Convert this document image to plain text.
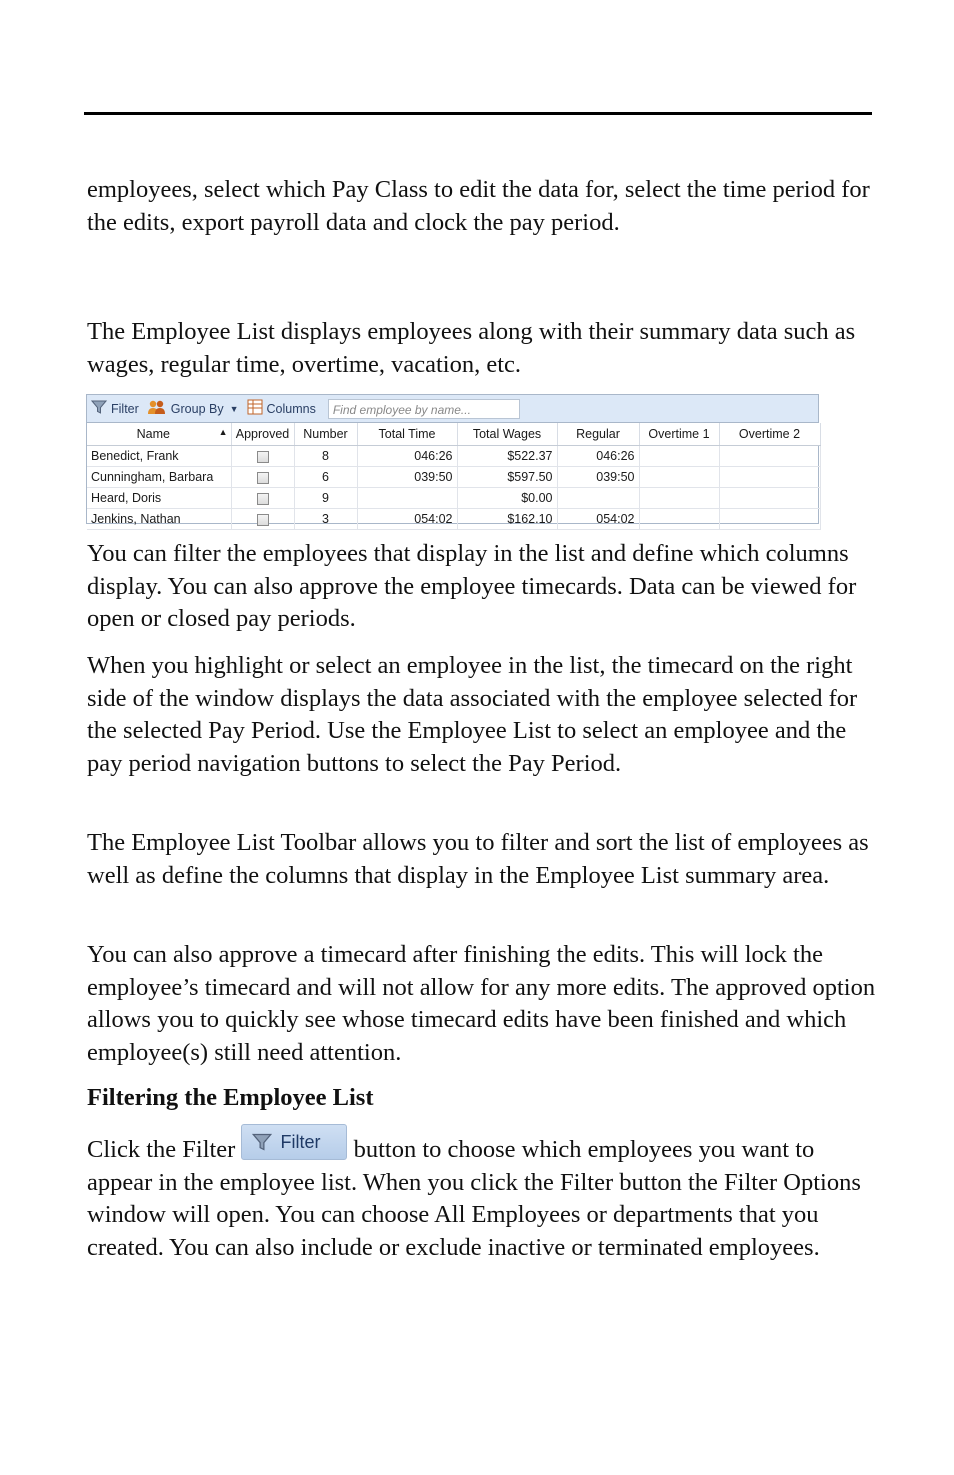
employees, select which Pay Class to edit the data for, select the time period for the edits, export payroll data and clock the pay period.

The Employee List displays employees along with their summary data such as wages, regular time, overtime, vacation, etc.

Filter	Group By ▼ Columns	Find employee by name...
Name ▲	Approved	Number	Total Time	Total Wages	Regular	Overtime 1	Overtime 2
Benedict, Frank		8	046:26	$522.37	046:26		
Cunningham, Barbara		6	039:50	$597.50	039:50		
Heard, Doris		9		$0.00			
Jenkins, Nathan		3	054:02	$162.10	054:02		

You can filter the employees that display in the list and define which columns display. You can also approve the employee timecards. Data can be viewed for open or closed pay periods.

When you highlight or select an employee in the list, the timecard on the right side of the window displays the data associated with the employee selected for the selected Pay Period. Use the Employee List to select an employee and the pay period navigation buttons to select the Pay Period.

The Employee List Toolbar allows you to filter and sort the list of employees as well as define the columns that display in the Employee List summary area.

You can also approve a timecard after finishing the edits. This will lock the employee’s timecard and will not allow for any more edits. The approved option allows you to quickly see whose timecard edits have been finished and which employee(s) still need attention.

Filtering the Employee List

Click the Filter Filter button to choose which employees you want to appear in the employee list. When you click the Filter button the Filter Options window will open. You can choose All Employees or departments that you created. You can also include or exclude inactive or terminated employees.
